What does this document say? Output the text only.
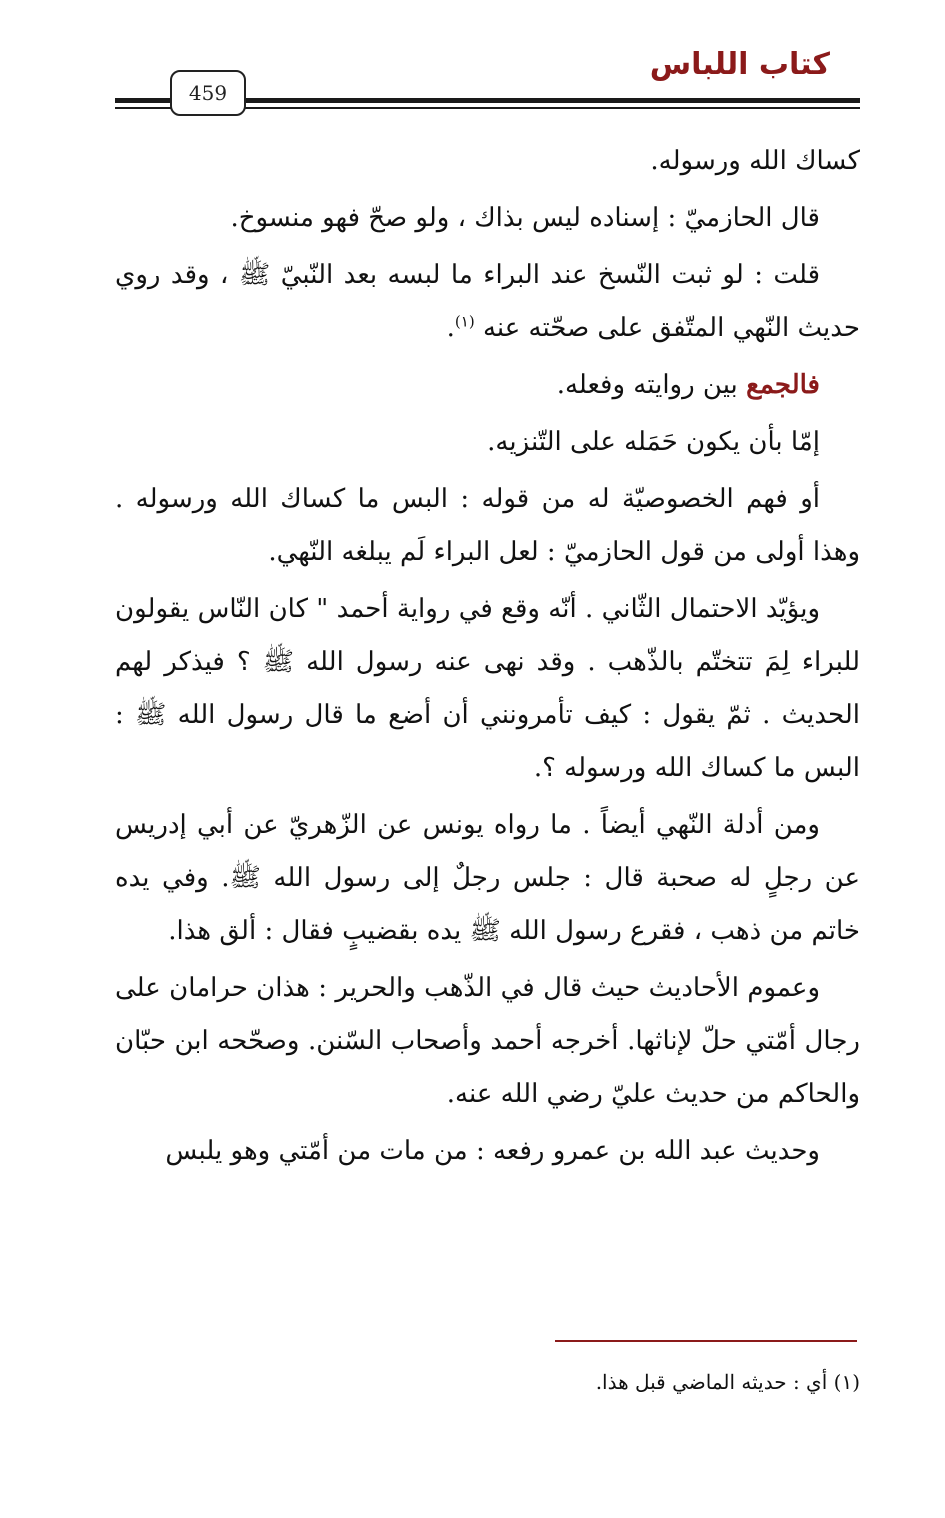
كتاب اللباس
459

كساك الله ورسوله.

قال الحازميّ : إسناده ليس بذاك ، ولو صحّ فهو منسوخ.

قلت : لو ثبت النّسخ عند البراء ما لبسه بعد النّبيّ ﷺ ، وقد روي حديث النّهي المتّفق على صحّته عنه $^{(١)}$.

فالجمع بين روايته وفعله.

إمّا بأن يكون حَمَله على التّنزيه.

أو فهم الخصوصيّة له من قوله : البس ما كساك الله ورسوله . وهذا أولى من قول الحازميّ : لعل البراء لَم يبلغه النّهي.

ويؤيّد الاحتمال الثّاني . أنّه وقع في رواية أحمد " كان النّاس يقولون للبراء لِمَ تتختّم بالذّهب . وقد نهى عنه رسول الله ﷺ ؟ فيذكر لهم الحديث . ثمّ يقول : كيف تأمرونني أن أضع ما قال رسول الله ﷺ : البس ما كساك الله ورسوله ؟.

ومن أدلة النّهي أيضاً . ما رواه يونس عن الزّهريّ عن أبي إدريس عن رجلٍ له صحبة قال : جلس رجلٌ إلى رسول الله ﷺ. وفي يده خاتم من ذهب ، فقرع رسول الله ﷺ يده بقضيبٍ فقال : ألق هذا.

وعموم الأحاديث حيث قال في الذّهب والحرير : هذان حرامان على رجال أمّتي حلّ لإناثها. أخرجه أحمد وأصحاب السّنن. وصحّحه ابن حبّان والحاكم من حديث عليّ رضي الله عنه.

وحديث عبد الله بن عمرو رفعه : من مات من أمّتي وهو يلبس

(١) أي : حديثه الماضي قبل هذا.
